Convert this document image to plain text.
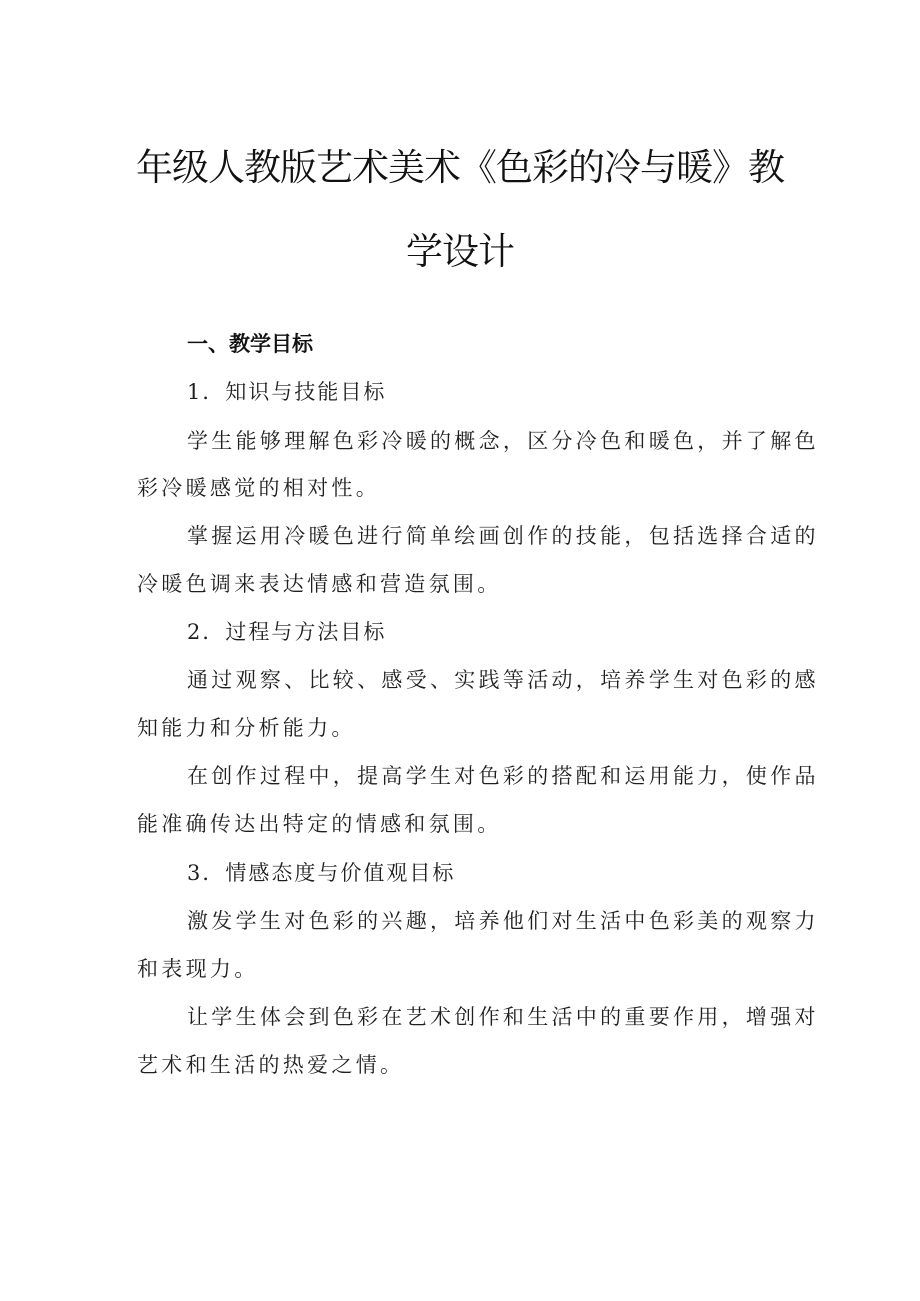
年级人教版艺术美术《色彩的冷与暖》教
学设计
一、教学目标
1．知识与技能目标
学生能够理解色彩冷暖的概念，区分冷色和暖色，并了解色
彩冷暖感觉的相对性。
掌握运用冷暖色进行简单绘画创作的技能，包括选择合适的
冷暖色调来表达情感和营造氛围。
2．过程与方法目标
通过观察、比较、感受、实践等活动，培养学生对色彩的感
知能力和分析能力。
在创作过程中，提高学生对色彩的搭配和运用能力，使作品
能准确传达出特定的情感和氛围。
3．情感态度与价值观目标
激发学生对色彩的兴趣，培养他们对生活中色彩美的观察力
和表现力。
让学生体会到色彩在艺术创作和生活中的重要作用，增强对
艺术和生活的热爱之情。
